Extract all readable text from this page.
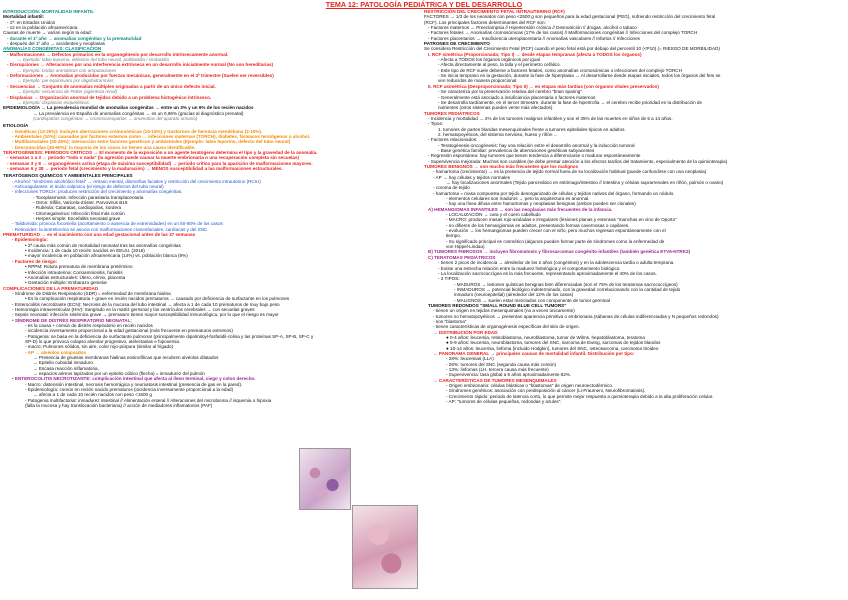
TEMA 12: PATOLOGÍA PEDIÁTRICA Y DEL DESARROLLO
INTRODUCCIÓN: MORTALIDAD INFANTIL
Mortalidad infantil:
- 1ª: en Estados Unidos
- x2 en la población afroamericana
Causas de muerte → varían según la edad:
- durante el 1º año → anomalías congénitas y la prematuridad
- después del 1º año → accidentes y neoplasias
ANOMALÍAS CONGÉNITAS: CLASIFICACIÓN
- Malformaciones → Defectos primarios en la organogénesis por desarrollo intrínsecamente anormal.
→ Ejemplo: labio leporino, defectos del tubo neural, polidactilia / sindactilia
- Disrupciones → Alteraciones por una interferencia extrínseca en un desarrollo inicialmente normal (No son hereditarias)
→ Ejemplo: bridas amnióticas con amputaciones
- Deformaciones → Anomalías producidas por fuerzas mecánicas, generalmente en el 3º trimestre (Suelen ser reversibles)
→ Ejemplo: pie equinovaro por oligohidramnios
- Secuencias → Conjunto de anomalías múltiples originadas a partir de un único defecto inicial.
→ Ejemplo: secuencia de Potter (agenesia renal)
- Displasias → Organización anormal de tejidos debido a un problema histogénico intrínseco.
→ Ejemplo: displasias esqueléticas
EPIDEMIOLOGÍA → La prevalencia mundial de anomalías congénitas → entre un 3% y un 6% de los recién nacidos
→ La prevalencia en España de anomalías congénitas → es un 0,96% (gracias al diagnóstico prenatal)
(cardiopatías congénitas → cromosomopatías → anomalías del aparato urinario)
ETIOLOGÍA
- Genéticas (13-25%): incluyen aberraciones cromosómicas (10-15%) y trastornos de herencia mendeliana (2-10%).
- Ambientales (10%): causadas por factores externos como → infecciones maternas (TORCH), diabetes, fármacos teratógenos o alcohol.
- Multifactoriales (20-25%): interacción entre factores genéticos y ambientales (Ejemplo: labio leporino, defecto del tubo neural)
- Desconocidas (40-60%): la mayoría de los casos no tienen una causa identificable.
TERATOGÉNESIS: PERÍODOS CRÍTICOS → El momento de la exposición a un agente teratógeno determina el tipo y la gravedad de la anomalía.
- semanas 1 a 3 → periodo "todo o nada" (la agresión puede causar la muerte embrionaria o una recuperación completa sin secuelas)
- semanas 3 y 8 → organogénesis activa (etapa de máxima susceptibilidad) → periodo crítico para la aparición de malformaciones mayores.
- semanas 9 y 38 → periodo fetal (crecimiento y la maduración) → MENOS susceptibilidad a las malformaciones estructurales.
TERATÓGENOS QUÍMICOS Y AMBIENTALES PRINCIPALES
- Alcohol: "síndrome alcohólico fetal" → retraso mental, dismorfias faciales y restricción del crecimiento intrauterino (RCIU)
- Anticoagulantes: el ácido valproico (el riesgo de defectos del tubo neural)
- Infecciones TORCH: producen restricción del crecimiento y anomalías congénitas.
- Toxoplasmosis: Infección parasitaria transplacentaria
- Otros: Sífilis, Varicela-Zóster, Parvovirus B19
- Rubéola: Cataratas, cardiopatías, sordera
- Citomegalovirus: Infección fetal más común
- Herpes simple: Encefalitis neonatal grave
- Talidomida: provoca focomelia (acortamiento o ausencia de extremidades) en un 50-80% de los casos
- Retinoides: la isotretinoína se asocia con malformaciones craneofaciales, cardíacas y del SNC
PREMATURIDAD → es el nacimiento con una edad gestacional antes de las 37 semanas
- Epidemiología:
• 2ª causa más común de mortalidad neonatal tras las anomalías congénitas
• Incidencia: 1 de cada 10 recién nacidos en EEUU. (2016)
• mayor incidencia en población afroamericana (14%) vs. población blanca (9%)
- Factores de riesgo:
• RPPM: Rotura prematura de membrana pretérmino
• Infección intrauterina: Corioamnionitis, funisitis
• Anomalías estructurales: Útero, cérvix, placenta
• Gestación múltiple: Embarazo gemelar
COMPLICACIONES DE LA PREMATURIDAD
- Síndrome de Distrés Respiratorio (SDR) = enfermedad de membrana hialina
• Es la complicación respiratoria + grave en recién nacidos prematuros → causado por deficiencia de surfactante en los pulmones
- Enterocolitis necrotizante (ECN): Necrosis de la mucosa del tubo intestinal → afecta a 1 de cada 10 prematuros de muy bajo peso
- Hemorragia intraventricular (HIV): Sangrado en la matriz germinal y los ventrículos cerebrales → con secuelas graves
- Sepsis neonatal: infección sistémica grave → prematuro tienen mayor susceptibilidad inmunológica, por lo que el riesgo es mayor
• SÍNDROME DE DISTRÉS RESPIRATORIO NEONATAL:
- es la causa + común de distrés respiratorio en recién nacidos
- incidencia inversamente proporcional a la edad gestacional (más frecuente en prematuros extremos)
- Patogenia: se basa en la deficiencia de surfactante pulmonar (principalmente dipalmitoyl-fosfatidil-colina y las proteínas SP-A, SP-B, SP-C y
SP-D) lo que provoca colapso alveolar progresivo, atelectasias e hipoxemia.
- macro: Pulmones sólidos, sin aire, color rojo-púrpura (similar al hígado)
- AP → alvéolos colapsados
→ Presencia de gruesas membranas hialinas eosinofílicas que recubren alvéolos dilatados
→ Epitelio cuboidal inmaduro.
→ Escasa reacción inflamatoria.
→ espacios aéreos tapizados por un epitelio cúbico (flecha) = inmadurez del pulmón
• ENTEROCOLITIS NECROTIZANTE: complicación intestinal que afecta al íleon terminal, ciego y colon derecho.
- Macro: distensión intestinal, necrosis hemorrágica y neumatosis intestinal (presencia de gas en la pared).
- Epidemiología: común en recién nacido prematuros (incidencia inversamente proporcional a la edad)
→ afecta a 1 de cada 10 recién nacidos con peso <1500 g
- Patogenia multifactorial: inmadurez intestinal // Alimentación enteral // Alteraciones del microbioma // isquemia o hipoxia
(falla la mucosa y hay translocación bacteriana) // acción de mediadores inflamatorios (PAF)
RESTRICCIÓN DEL CRECIMIENTO FETAL INTRAUTERINO (RCF)
FACTORES → 1/3 de los neonatos con peso <2500 g son pequeños para la edad gestacional (PEG), sufriendo restricción del crecimiento fetal
(RCF). Los principales factores determinantes del RCF son:
- Factores maternos → Preeclampsia // Hipertensión crónica // Desnutrición // drogas, alcohol o tabaco
- Factores fetales → Anomalías cromosómicas (17% de los casos) // Malformaciones congénitas // Infecciones del complejo TORCH
- Factores placentarios → Insuficiencia uteroplacentaria // Anomalías vasculares // Infartos // Infecciones
PATRONES DE CRECIMIENTO
Se considera Restricción del Crecimiento Fetal (RCF) cuando el peso fetal está por debajo del percentil 10 (<P10) (= RIESGO DE MORBILIDAD)
I. RCF simétrica (Proporcionada; Tipo I) → desde etapas tempranas (afecta a TODOS los órganos)
- Afecta a TODOS los órganos orgánicos por igual
- Afecta directamente al peso, la talla y el perímetro cefálico.
- Este tipo de RCF suele deberse a factores fetales, como anomalías cromosómicas o infecciones del complejo TORCH
- Se inicia temprano en la gestación, durante la fase de hiperplasia → Al desarrollarse desde etapas iniciales, todos los órganos del feto se
ven reducidos de manera proporcional
II. RCF asimétrica (Desproporcionada; Tipo II) → en etapas más tardías (con órganos vitales preservados)
- Se caracteriza por la preservación relativa del cerebro "brain sparing".
- Generalmente está asociado a insuficiencia placentaria o factores maternos
- Se desarrolla tardíamente, en el tercer trimestre, durante la fase de hipertrofia → el cerebro recibe prioridad en la distribución de
nutrientes (otros sistemas pueden verse más afectados)
TUMORES PEDIÁTRICOS
- Incidencia y mortalidad → 2% de los tumores malignos infantiles y son el 35% de las muertes en niños de 5 a 14 años.
- Tipos:
1. tumores de partes blandas mesenquimales frente a tumores epiteliales típicos en adultos.
2. hematopoyéticos, del sistema nervioso, hueso y riñón ...
- Factores relacionados:
- Teratogénesis-oncogénesis: hay una relación entre el desarrollo anormal y la inducción tumoral
- Base genética familiar: prevalencia de aberraciones genéticas subyacentes
- Regresión espontánea: hay tumores que tienen tendencia a diferenciarse o madurar espontáneamente
- Supervivencia mejorada: Muchos son curables (se debe prestar atención a los efectos tardíos del tratamiento, especialmente de la quimioterapia)
TUMORES BENIGNOS → son mucho más frecuentes que los malignos
- hamartoma (crecimiento) → es la presencia de tejido normal fuera de su localización habitual (puede confundirse con una neoplasia)
- AP → hay células y tejidos normales
→ hay localizaciones anormales (Tejido pancreático en estómago/intestino // intestino y células suprarrenales en riñón, pulmón o ovario)
- coroma de tejido
- hamartoma = masa compuesta por tejido desorganizado de células y tejidos nativos del órgano, formando un nódulo.
- elementos celulares son maduros → pero la arquitectura es anormal.
- hay una línea difusa entre hamartomas y neoplasias benignas (ambos pueden ser clonales)
A) HEMANGIOMAS INFANTILES → son las neoplasias más frecuentes de la infancia.
- LOCALIZACIÓN → cara y el cuero cabelludo
- MACRO: producen masas rojo-azuladas e irregulares (lesiones planas y extensas "manchas en vino de Oporto"
- no difieren de los hemangiomas en adultos, presentando formas cavernosas o capilares.
- evolución → los hemangiomas pueden crecer con el niño, pero muchos regresan espontáneamente con el
tiempo.
- Su significado principal es cosmético (algunos pueden formar parte de síndromes como la enfermedad de
von Hippel-Lindau)
B) TUMORES FIBROSOS → incluyen fibromatosis y fibrosarcomas congénito-infantiles (también genética ETV6-NTRK3)
C) TERATOMAS PEDIÁTRICOS
- tienen 2 picos de incidencia → alrededor de los 2 años (congénitos) y en la adolescencia tardía o adulta temprana.
- Existe una estrecha relación entre la madurez histológica y el comportamiento biológico.
- La localización sacrococcígea es la más frecuente, representando aproximadamente el 40% de los casos.
- 3 TIPOS:
- MADUROS → lesiones quísticas benignas bien diferenciadas (son el 75% de los teratomas sacrococcígeos)
- INMADUROS → potencial biológico indeterminado, con la gravedad correlacionando con la cantidad de tejido
inmaduro (neuroepitelial) (alrededor del 12% de los casos)
- MALIGNOS → suelen estar mezclados con componente de tumor germinal
TUMORES REDONDOS "SMALL ROUND BLUE CELL TUMORS"
- tienen un origen en tejidos mesenquimales (no a veces únicamente)
- tumores no hematopoyéticos → presentan apariencia primitiva o embrionaria (sábanas de células indiferenciadas y N pequeños redondos)
- son "blastoma"
- tienen características de organogénesis específicas del sitio de origen.
→ DISTRIBUCIÓN POR EDAD
● 0-4 años: leucemia, retinoblastoma, neuroblastoma, tumor de Wilms, hepatoblastoma, teratoma
● 5-9 años: leucemia, neuroblastoma, tumores del SNC, sarcoma de Ewing, sarcomas de tejidos blandos
● 10-14 años: leucemia, linfoma (incluido Hodgkin), tumores del SNC, osteosarcoma, carcinoma tiroideo
→ PANORAMA GENERAL → principales causas de mortalidad infantil. Distribución por tipo:
- 28%: leucemias (LLA)
- 26%: tumores del SNC (segunda causa más común)
- 13%: linfomas (LH, tercera causa más frecuente)
- Supervivencia: tasa global a 5 años aproximadamente 82%.
→ CARACTERÍSTICAS DE TUMORES MESENQUIMALES
- Origen embrionario: células blásticas o "blastomas" de origen neuroectodérmico.
- Síndromes genéticos: asociación con predisposición al cáncer (Li-Fraumeni, Neurofibromatosis).
- Crecimiento rápido: periodo de latencia corto, lo que permite mejor respuesta a quimioterapia debido a la alta proliferación celular.
- AP: "tumores de células pequeñas, redondas y azules".
